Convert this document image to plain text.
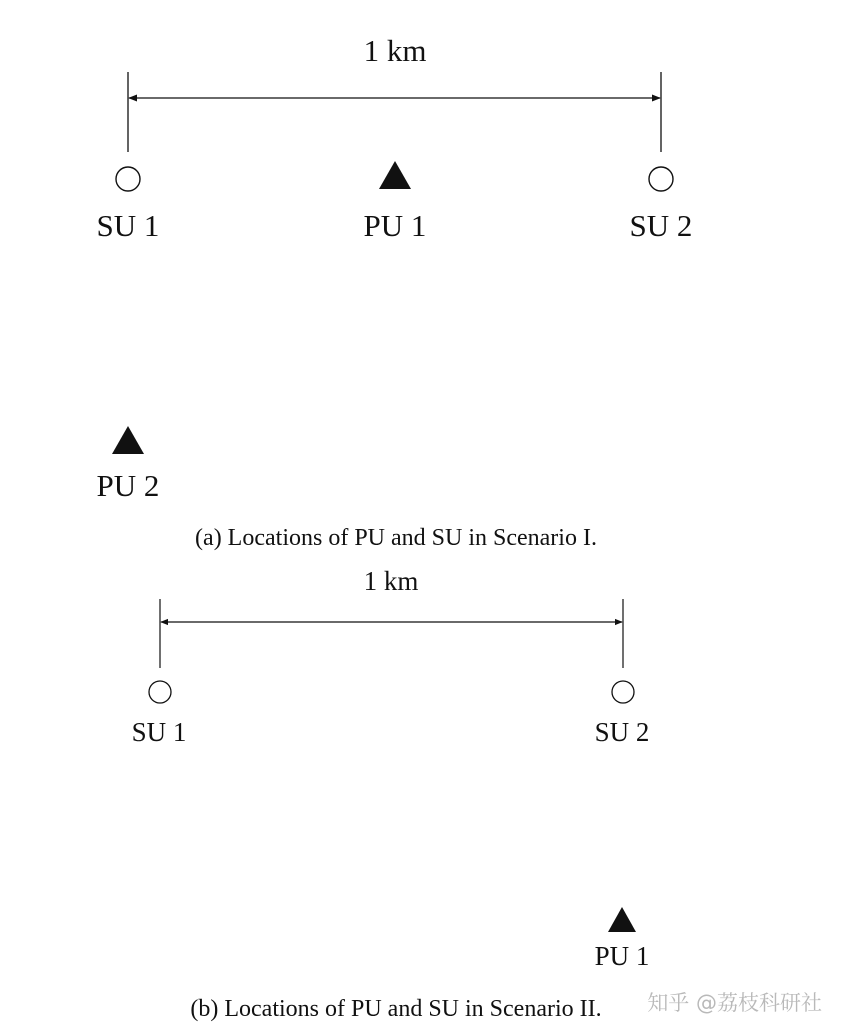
1 km
SU 1	PU 1	SU 2
PU 2
(a) Locations of PU and SU in Scenario I.
1 km
SU 1	SU 2
PU 1
(b) Locations of PU and SU in Scenario II. 知乎 @荔枝科研社
